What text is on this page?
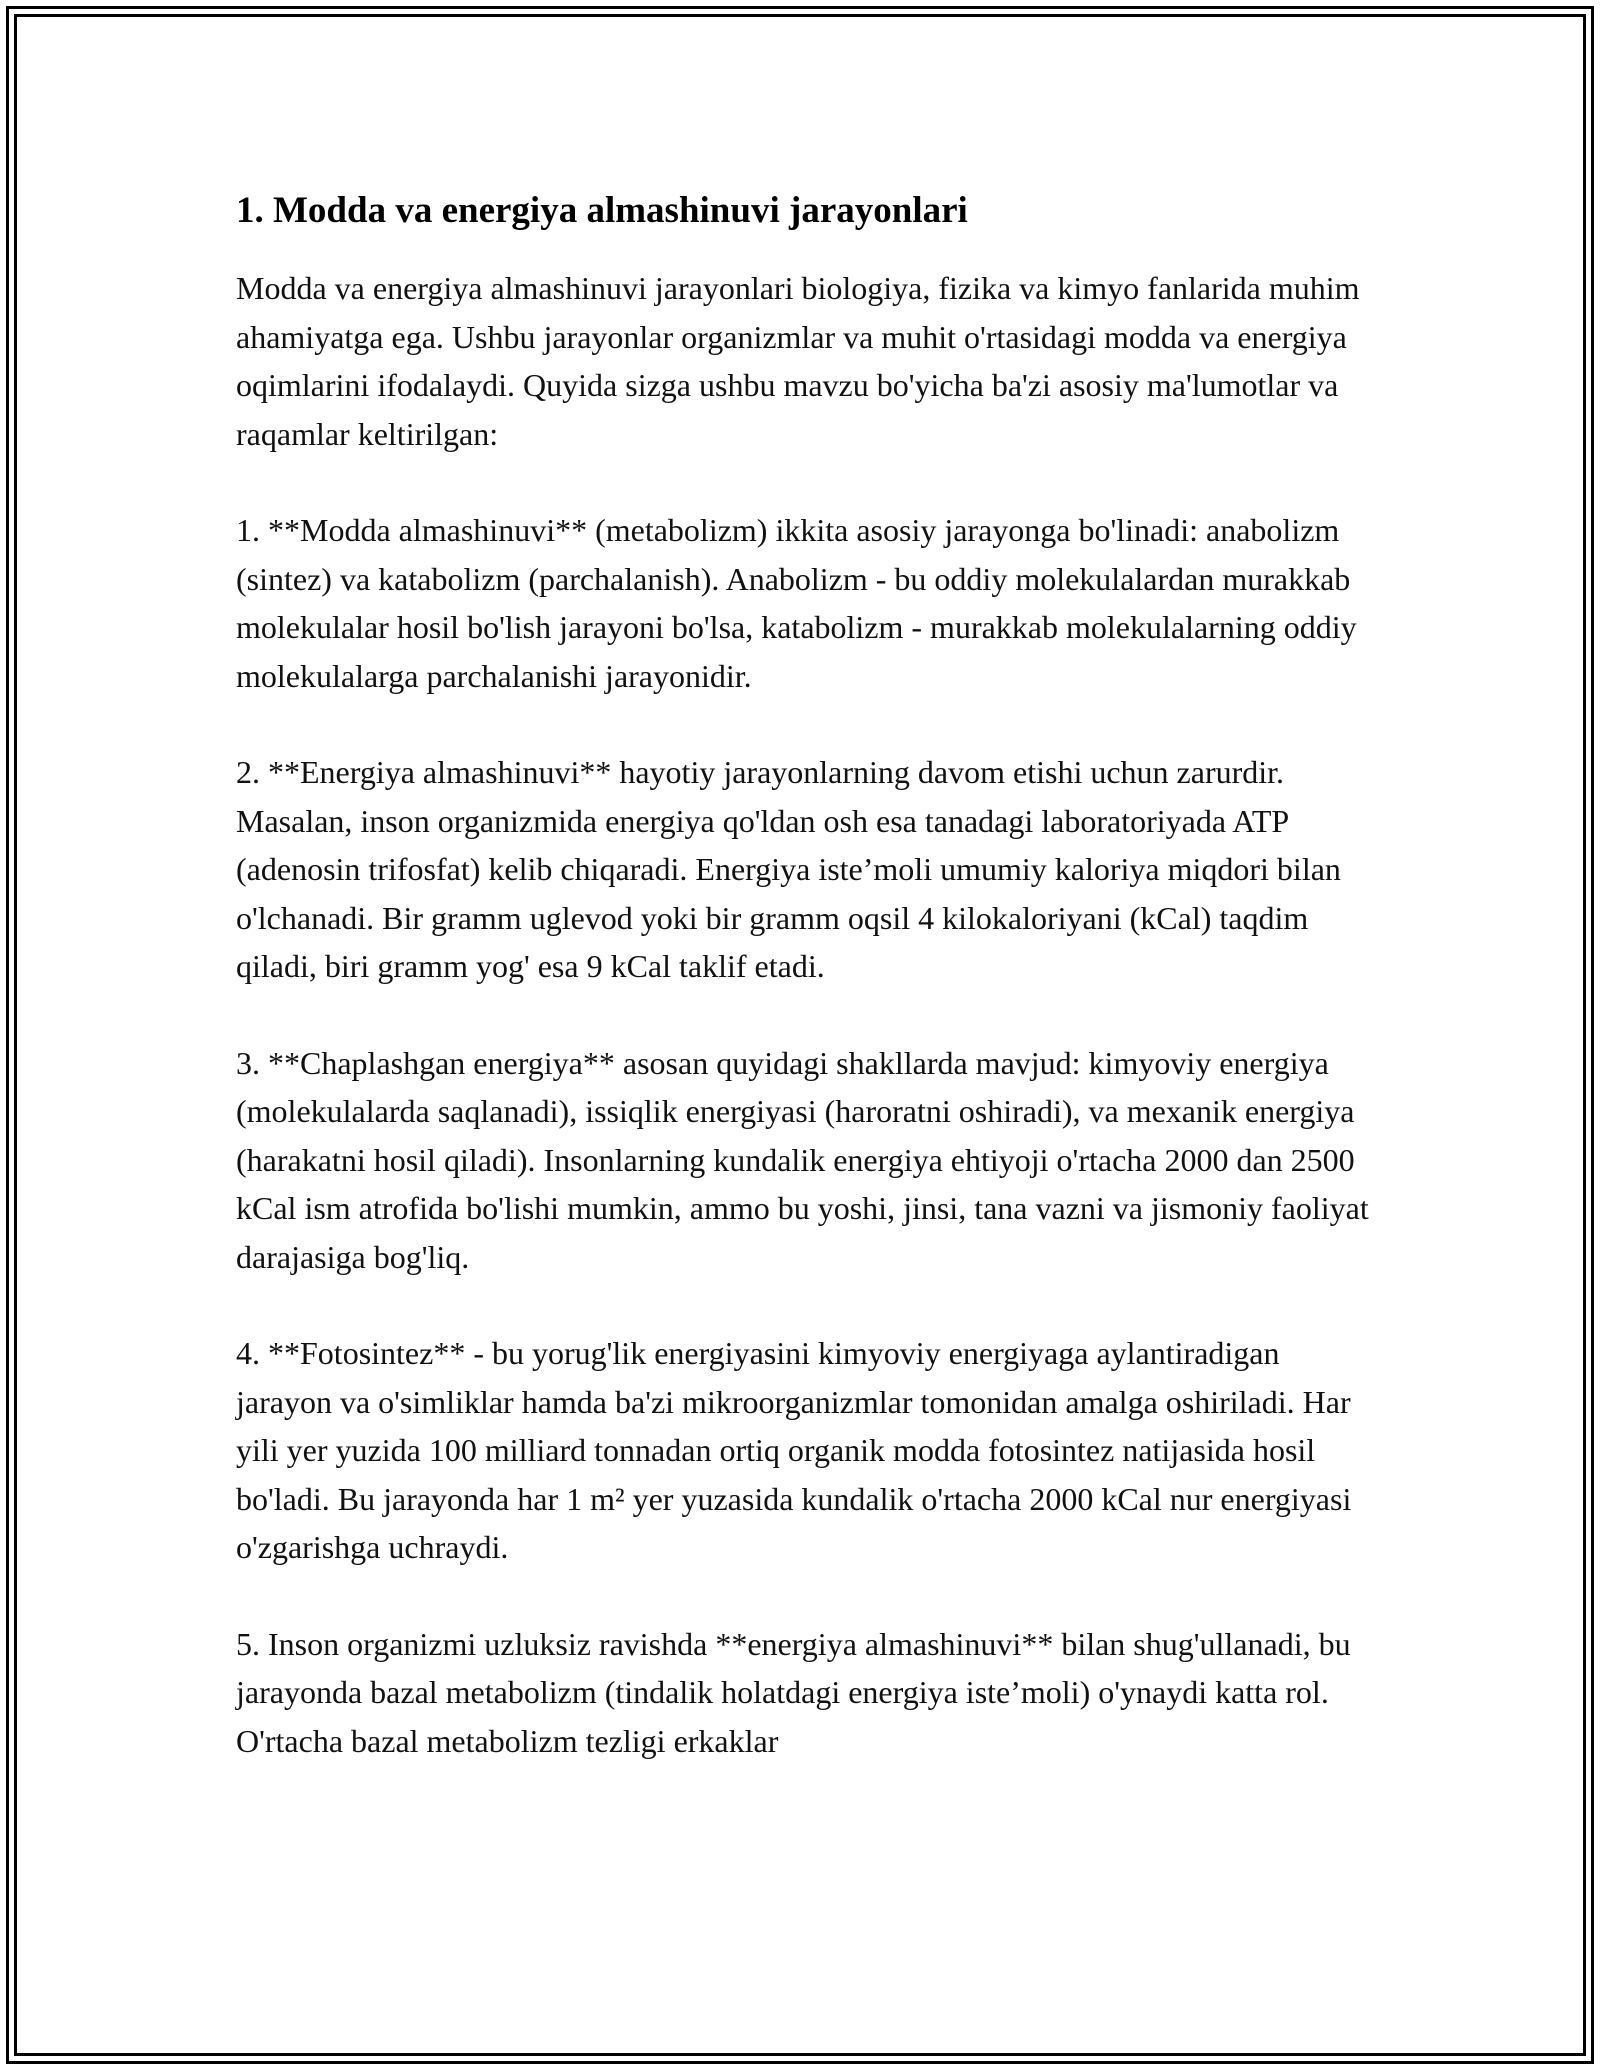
1. Modda va energiya almashinuvi jarayonlari

Modda va energiya almashinuvi jarayonlari biologiya, fizika va kimyo fanlarida muhim ahamiyatga ega. Ushbu jarayonlar organizmlar va muhit o'rtasidagi modda va energiya oqimlarini ifodalaydi. Quyida sizga ushbu mavzu bo'yicha ba'zi asosiy ma'lumotlar va raqamlar keltirilgan:

1. **Modda almashinuvi** (metabolizm) ikkita asosiy jarayonga bo'linadi: anabolizm (sintez) va katabolizm (parchalanish). Anabolizm - bu oddiy molekulalardan murakkab molekulalar hosil bo'lish jarayoni bo'lsa, katabolizm - murakkab molekulalarning oddiy molekulalarga parchalanishi jarayonidir.

2. **Energiya almashinuvi** hayotiy jarayonlarning davom etishi uchun zarurdir. Masalan, inson organizmida energiya qo'ldan osh esa tanadagi laboratoriyada ATP (adenosin trifosfat) kelib chiqaradi. Energiya iste’moli umumiy kaloriya miqdori bilan o'lchanadi. Bir gramm uglevod yoki bir gramm oqsil 4 kilokaloriyani (kCal) taqdim qiladi, biri gramm yog' esa 9 kCal taklif etadi.

3. **Chaplashgan energiya** asosan quyidagi shakllarda mavjud: kimyoviy energiya (molekulalarda saqlanadi), issiqlik energiyasi (haroratni oshiradi), va mexanik energiya (harakatni hosil qiladi). Insonlarning kundalik energiya ehtiyoji o'rtacha 2000 dan 2500 kCal ism atrofida bo'lishi mumkin, ammo bu yoshi, jinsi, tana vazni va jismoniy faoliyat darajasiga bog'liq.

4. **Fotosintez** - bu yorug'lik energiyasini kimyoviy energiyaga aylantiradigan jarayon va o'simliklar hamda ba'zi mikroorganizmlar tomonidan amalga oshiriladi. Har yili yer yuzida 100 milliard tonnadan ortiq organik modda fotosintez natijasida hosil bo'ladi. Bu jarayonda har 1 m² yer yuzasida kundalik o'rtacha 2000 kCal nur energiyasi o'zgarishga uchraydi.

5. Inson organizmi uzluksiz ravishda **energiya almashinuvi** bilan shug'ullanadi, bu jarayonda bazal metabolizm (tindalik holatdagi energiya iste’moli) o'ynaydi katta rol. O'rtacha bazal metabolizm tezligi erkaklar
